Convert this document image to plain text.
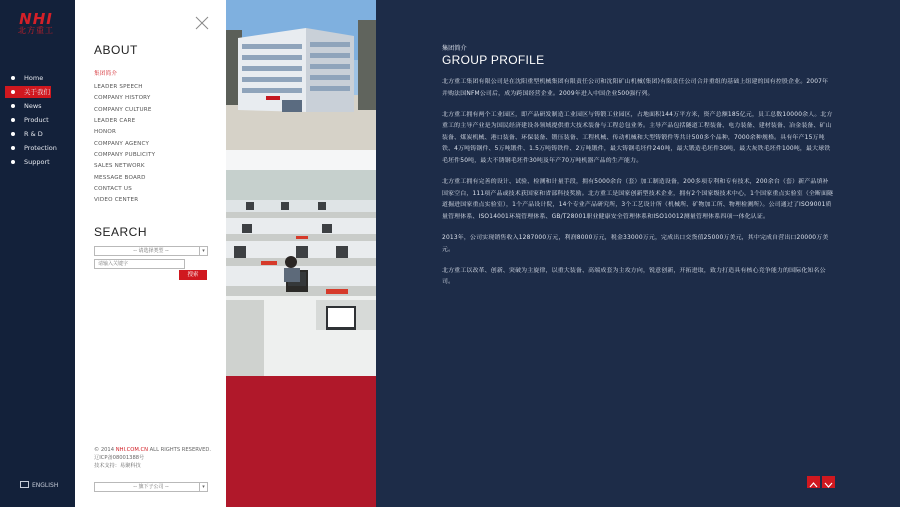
NHI
北方重工
Home
关于我们
News
Product
R & D
Protection
Support
ENGLISH
ABOUT
集团简介
LEADER SPEECH
COMPANY HISTORY
COMPANY CULTURE
LEADER CARE
HONOR
COMPANY AGENCY
COMPANY PUBLICITY
SALES NETWORK
MESSAGE BOARD
CONTACT US
VIDEO CENTER
SEARCH
-- 请选择类型 --	▾
请输入关键字
搜索
© 2014 NHI.COM.CN ALL RIGHTS RESERVED.
辽ICP备08001388号
技术支持：易聚科技
-- 旗下子公司 --	▾
集团简介
GROUP PROFILE

北方重工集团有限公司是在沈阳重型机械集团有限责任公司和沈阳矿山机械(集团)有限责任公司合并重组的基础上组建的国有控股企业。2007年并购法国NFM公司后，成为跨国经营企业。2009年进入中国企业500强行列。

北方重工拥有两个工业园区，即产品研发制造工业园区与铸锻工业园区，占地面积144万平方米，资产总额185亿元，员工总数10000余人。北方重工的主导产业是为国民经济建设各领域提供重大技术装备与工程总包业务。主导产品包括隧道工程装备、电力装备、建材装备、冶金装备、矿山装备、煤炭机械、港口装备、环保装备、锻压装备、工程机械、传动机械和大型铸锻件等共计500多个品种，7000余种规格。具有年产15万吨铁、4万吨铸钢件、5万吨锻件、1.5万吨铸铁件、2万吨锻件，最大铸钢毛坯件240吨，最大锻造毛坯件30吨，最大灰铁毛坯件100吨，最大球铁毛坯件50吨，最大不锈钢毛坯件30吨及年产70万吨机器产品的生产能力。

北方重工拥有完善的设计、试验、检测和计量手段，拥有5000余台（套）加工制造设备，200多项专利和专有技术，200余台（套）新产品填补国家空白，111项产品或技术获国家和省部科技奖励。北方重工是国家创新型技术企业，拥有2个国家级技术中心，1个国家重点实验室（全断面隧道掘进国家重点实验室），1个产品设计院，14个专业产品研究所，3个工艺设计所（机械所、矿物加工所、物理检测所）。公司通过了ISO9001质量管理体系、ISO14001环境管理体系、GB/T28001职业健康安全管理体系和ISO10012测量管理体系四项一体化认证。

2013年，公司实现销售收入1287000万元，利润8000万元，税金33000万元，完成出口交货值25000万美元，其中完成自营出口20000万美元。

北方重工以改革、创新、突破为主旋律，以重大装备、高端成套为主攻方向，锐意创新，开拓进取，致力打造具有核心竞争能力的国际化知名公司。
